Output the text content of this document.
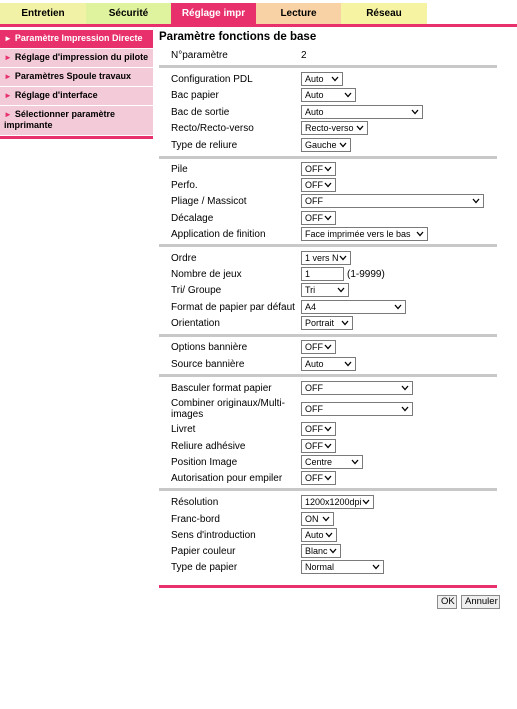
Entretien	Sécurité	Réglage impr	Lecture	Réseau
► Paramètre Impression Directe
► Réglage d'impression du pilote
► Paramètres Spoule travaux
► Réglage d'interface
► Sélectionner paramètre imprimante
Paramètre fonctions de base
N°paramètre	2
Configuration PDL	Auto
Bac papier	Auto
Bac de sortie	Auto
Recto/Recto-verso	Recto-verso
Type de reliure	Gauche
Pile	OFF
Perfo.	OFF
Pliage / Massicot	OFF
Décalage	OFF
Application de finition	Face imprimée vers le bas
Ordre	1 vers N
Nombre de jeux	1	(1-9999)
Tri/ Groupe	Tri
Format de papier par défaut	A4
Orientation	Portrait
Options bannière	OFF
Source bannière	Auto
Basculer format papier	OFF
Combiner originaux/Multi-images	OFF
Livret	OFF
Reliure adhésive	OFF
Position Image	Centre
Autorisation pour empiler	OFF
Résolution	1200x1200dpi
Franc-bord	ON
Sens d'introduction	Auto
Papier couleur	Blanc
Type de papier	Normal
OK	Annuler
